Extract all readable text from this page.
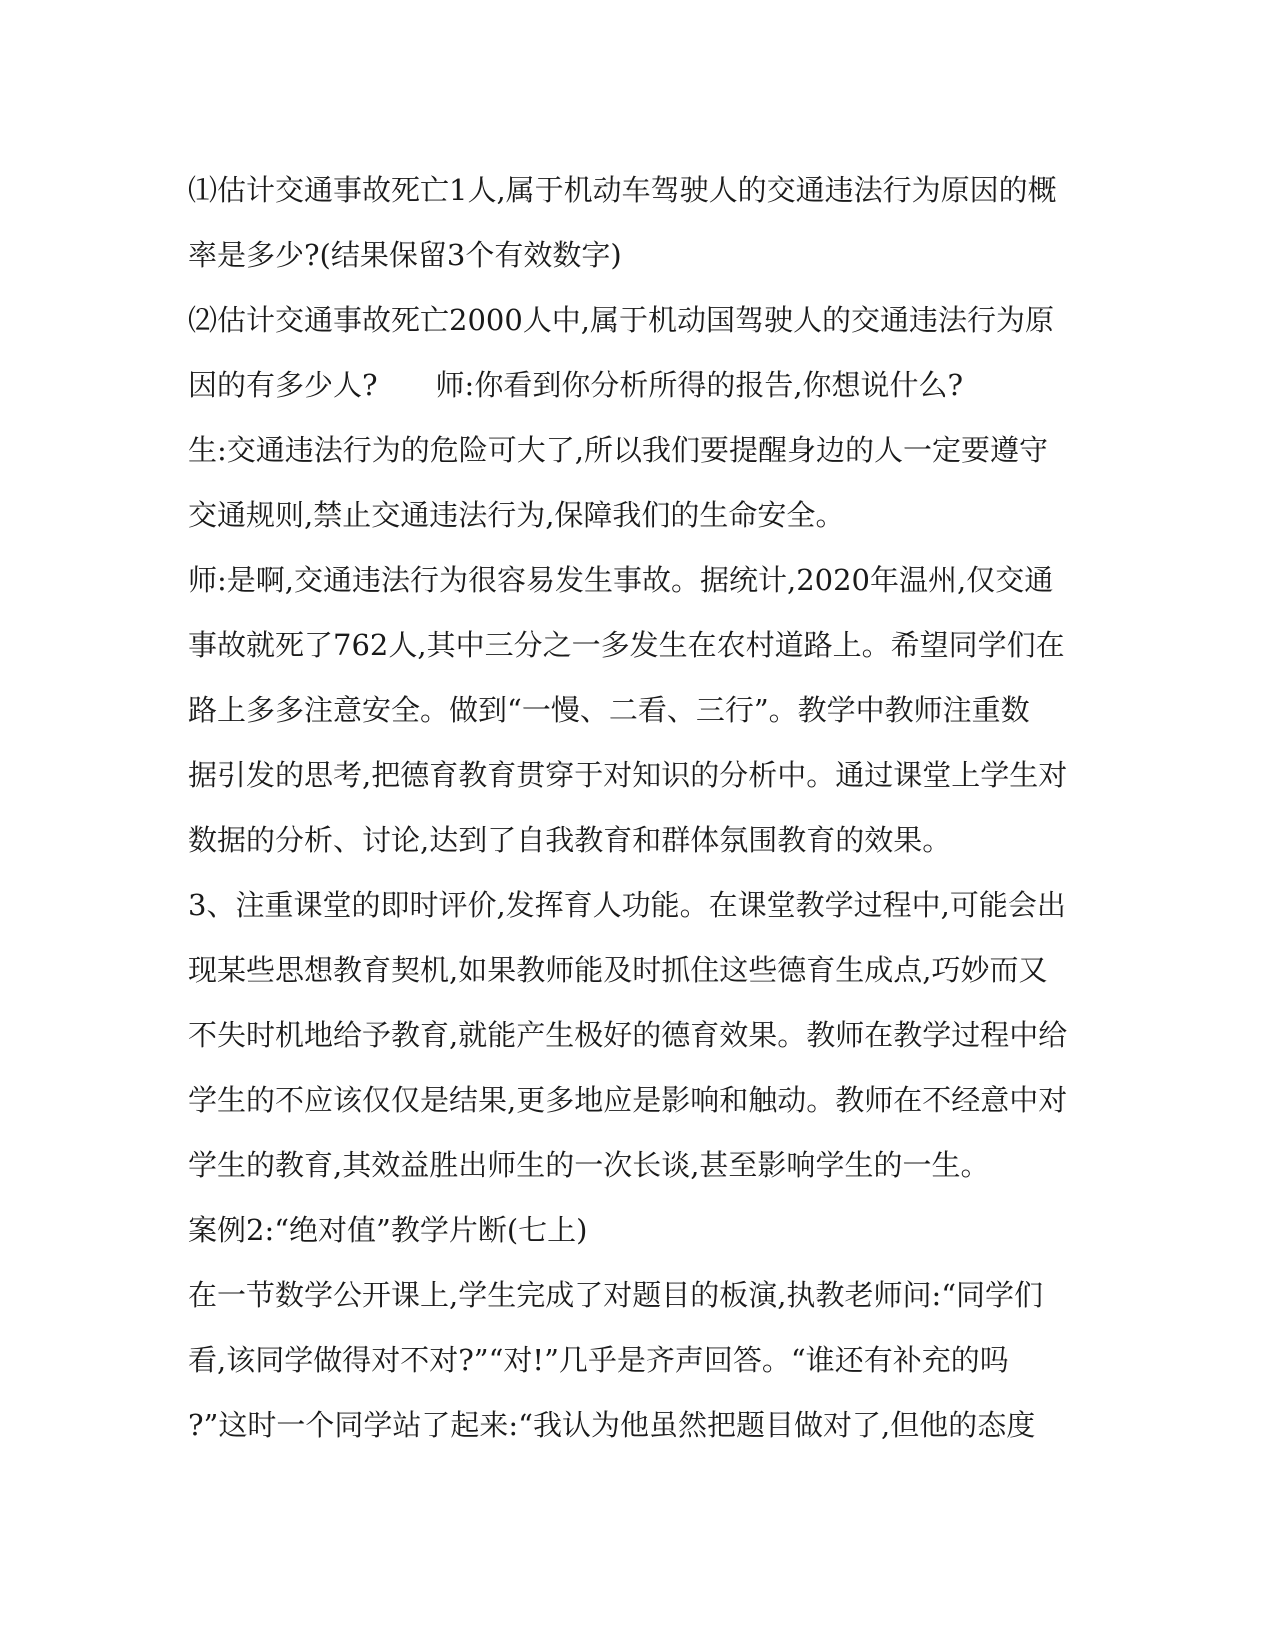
⑴估计交通事故死亡1人,属于机动车驾驶人的交通违法行为原因的概
率是多少?(结果保留3个有效数字)
⑵估计交通事故死亡2000人中,属于机动国驾驶人的交通违法行为原
因的有多少人?　　师:你看到你分析所得的报告,你想说什么?
生:交通违法行为的危险可大了,所以我们要提醒身边的人一定要遵守
交通规则,禁止交通违法行为,保障我们的生命安全。
师:是啊,交通违法行为很容易发生事故。据统计,2020年温州,仅交通
事故就死了762人,其中三分之一多发生在农村道路上。希望同学们在
路上多多注意安全。做到“一慢、二看、三行”。教学中教师注重数
据引发的思考,把德育教育贯穿于对知识的分析中。通过课堂上学生对
数据的分析、讨论,达到了自我教育和群体氛围教育的效果。
3、注重课堂的即时评价,发挥育人功能。在课堂教学过程中,可能会出
现某些思想教育契机,如果教师能及时抓住这些德育生成点,巧妙而又
不失时机地给予教育,就能产生极好的德育效果。教师在教学过程中给
学生的不应该仅仅是结果,更多地应是影响和触动。教师在不经意中对
学生的教育,其效益胜出师生的一次长谈,甚至影响学生的一生。
案例2:“绝对值”教学片断(七上)
在一节数学公开课上,学生完成了对题目的板演,执教老师问:“同学们
看,该同学做得对不对?”“对!”几乎是齐声回答。“谁还有补充的吗
?”这时一个同学站了起来:“我认为他虽然把题目做对了,但他的态度
